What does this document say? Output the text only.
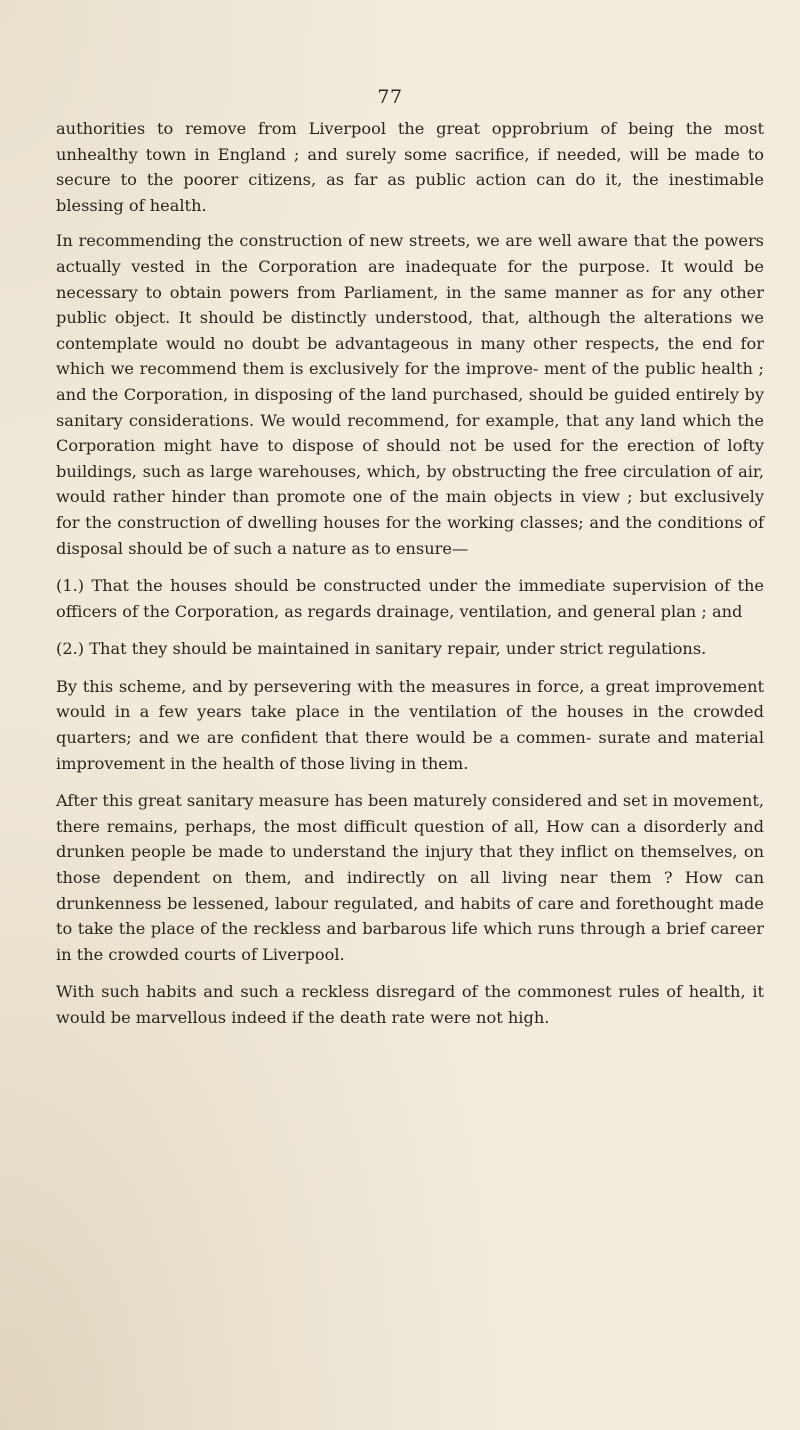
77

authorities to remove from Liverpool the great opprobrium of being the most unhealthy town in England ; and surely some sacrifice, if needed, will be made to secure to the poorer citizens, as far as public action can do it, the inestimable blessing of health.

In recommending the construction of new streets, we are well aware that the powers actually vested in the Corporation are inadequate for the purpose. It would be necessary to obtain powers from Parliament, in the same manner as for any other public object. It should be distinctly understood, that, although the alterations we contemplate would no doubt be advantageous in many other respects, the end for which we recommend them is exclusively for the improve- ment of the public health ; and the Corporation, in disposing of the land purchased, should be guided entirely by sanitary considerations. We would recommend, for example, that any land which the Corporation might have to dispose of should not be used for the erection of lofty buildings, such as large warehouses, which, by obstructing the free circulation of air, would rather hinder than promote one of the main objects in view ; but exclusively for the construction of dwelling houses for the working classes; and the conditions of disposal should be of such a nature as to ensure—

(1.) That the houses should be constructed under the immediate supervision of the officers of the Corporation, as regards drainage, ventilation, and general plan ; and

(2.) That they should be maintained in sanitary repair, under strict regulations.

By this scheme, and by persevering with the measures in force, a great improvement would in a few years take place in the ventilation of the houses in the crowded quarters; and we are confident that there would be a commen- surate and material improvement in the health of those living in them.

After this great sanitary measure has been maturely considered and set in movement, there remains, perhaps, the most difficult question of all, How can a disorderly and drunken people be made to understand the injury that they inflict on themselves, on those dependent on them, and indirectly on all living near them ? How can drunkenness be lessened, labour regulated, and habits of care and forethought made to take the place of the reckless and barbarous life which runs through a brief career in the crowded courts of Liverpool.

With such habits and such a reckless disregard of the commonest rules of health, it would be marvellous indeed if the death rate were not high.
